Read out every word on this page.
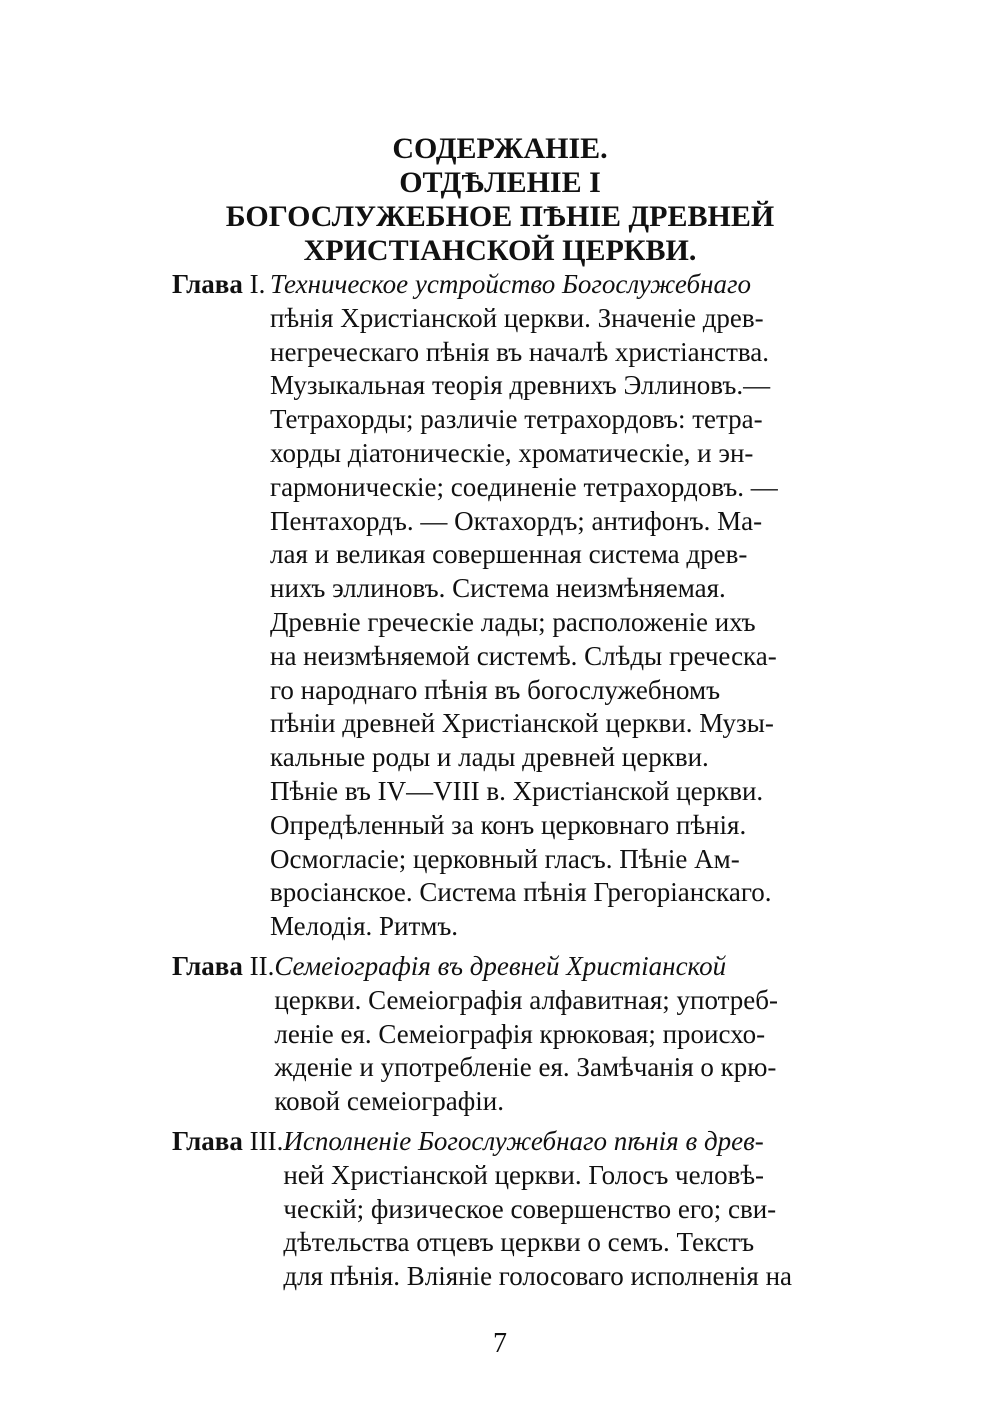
СОДЕРЖАНІЕ.
ОТДѢЛЕНІЕ I
БОГОСЛУЖЕБНОЕ ПѢНІЕ ДРЕВНЕЙ
ХРИСТІАНСКОЙ ЦЕРКВИ.
Глава I. Техническое устройство Богослужебнаго
пѣнія Христіанской церкви. Значеніе древ-
негреческаго пѣнія въ началѣ христіанства.
Музыкальная теорія древнихъ Эллиновъ.—
Тетрахорды; различіе тетрахордовъ: тетра-
хорды діатоническіе, хроматическіе, и эн-
гармоническіе; соединеніе тетрахордовъ. —
Пентахордъ. — Октахордъ; антифонъ. Ма-
лая и великая совершенная система древ-
нихъ эллиновъ. Система неизмѣняемая.
Древніе греческіе лады; расположеніе ихъ
на неизмѣняемой системѣ. Слѣды греческа-
го народнаго пѣнія въ богослужебномъ
пѣніи древней Христіанской церкви. Музы-
кальные роды и лады древней церкви.
Пѣніе въ IV—VIII в. Христіанской церкви.
Опредѣленный за конъ церковнаго пѣнія.
Осмогласіе; церковный гласъ. Пѣніе Ам-
вросіанское. Система пѣнія Грегоріанскаго.
Мелодія. Ритмъ.
Глава II. Семеіографія въ древней Христіанской
церкви. Семеіографія алфавитная; употреб-
леніе ея. Семеіографія крюковая; происхо-
жденіе и употребленіе ея. Замѣчанія о крю-
ковой семеіографіи.
Глава III. Исполненіе Богослужебнаго пѣнія в древ-
ней Христіанской церкви. Голосъ человѣ-
ческій; физическое совершенство его; сви-
дѣтельства отцевъ церкви о семъ. Текстъ
для пѣнія. Вліяніе голосоваго исполненія на
7
